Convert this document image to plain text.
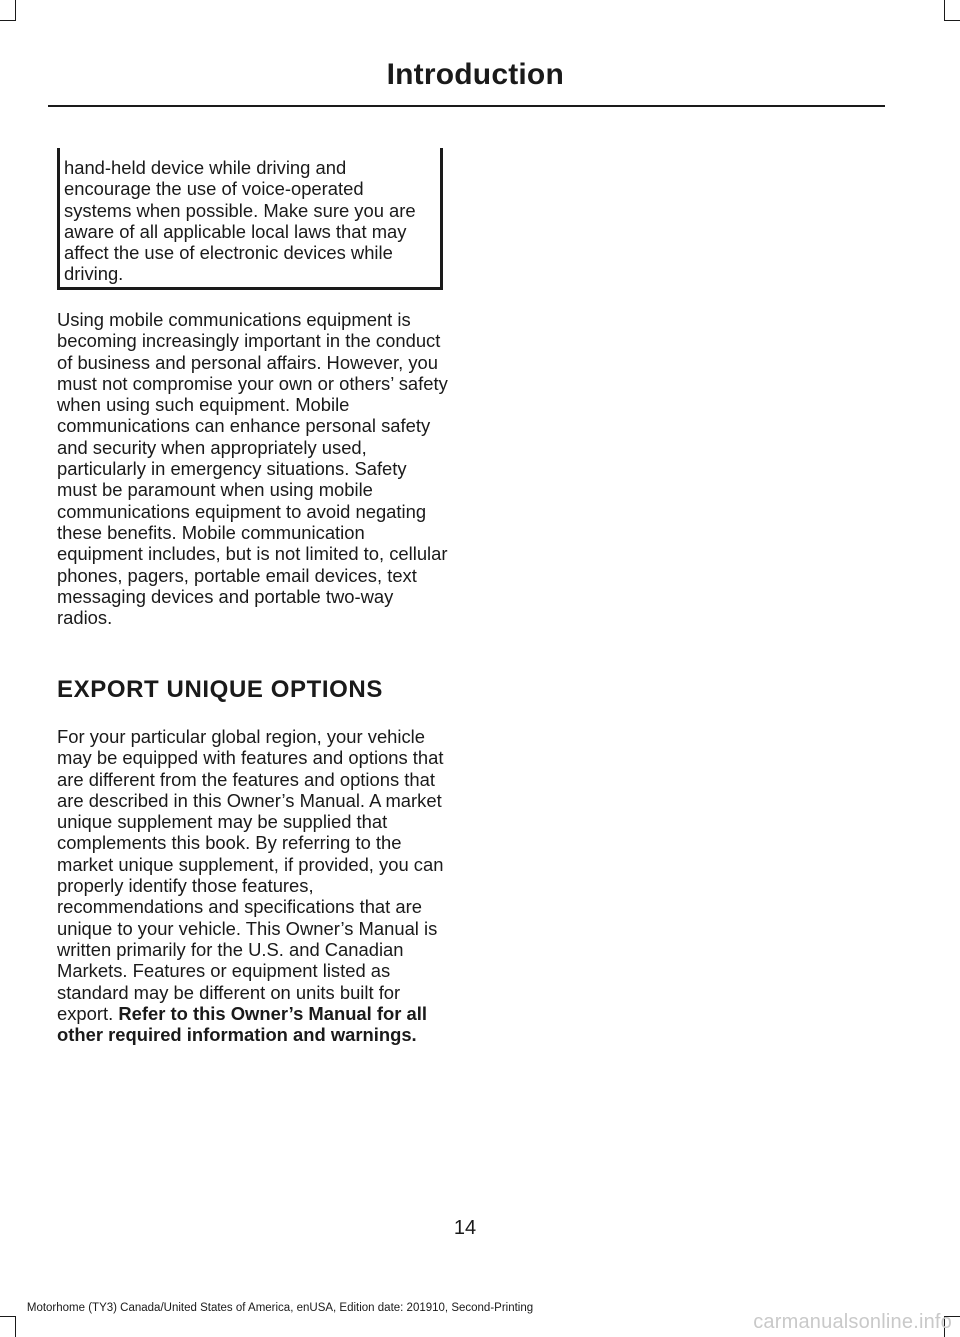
Introduction

hand-held device while driving and encourage the use of voice-operated systems when possible. Make sure you are aware of all applicable local laws that may affect the use of electronic devices while driving.

Using mobile communications equipment is becoming increasingly important in the conduct of business and personal affairs. However, you must not compromise your own or others’ safety when using such equipment. Mobile communications can enhance personal safety and security when appropriately used, particularly in emergency situations. Safety must be paramount when using mobile communications equipment to avoid negating these benefits. Mobile communication equipment includes, but is not limited to, cellular phones, pagers, portable email devices, text messaging devices and portable two-way radios.

EXPORT UNIQUE OPTIONS

For your particular global region, your vehicle may be equipped with features and options that are different from the features and options that are described in this Owner’s Manual. A market unique supplement may be supplied that complements this book. By referring to the market unique supplement, if provided, you can properly identify those features, recommendations and specifications that are unique to your vehicle. This Owner’s Manual is written primarily for the U.S. and Canadian Markets. Features or equipment listed as standard may be different on units built for export. Refer to this Owner’s Manual for all other required information and warnings.

14
Motorhome (TY3) Canada/United States of America, enUSA, Edition date: 201910, Second-Printing
carmanualsonline.info
